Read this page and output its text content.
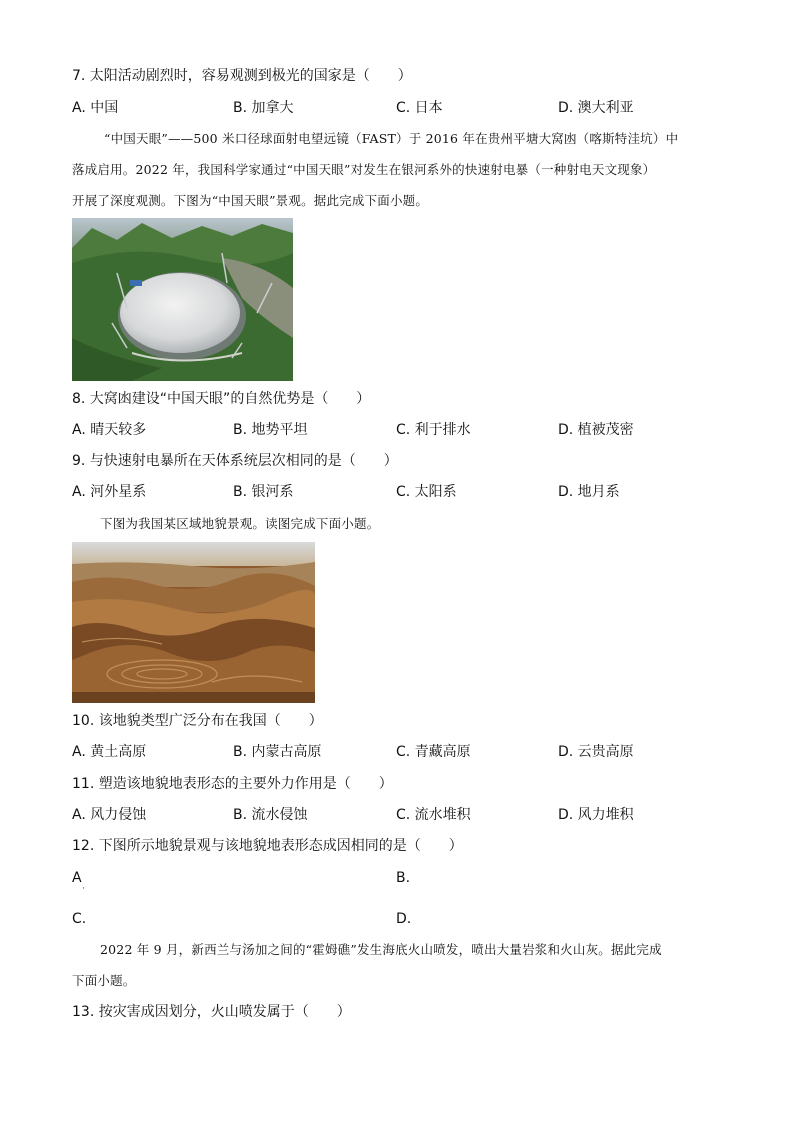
7. 太阳活动剧烈时，容易观测到极光的国家是（　　）
A. 中国	B. 加拿大	C. 日本	D. 澳大利亚
“中国天眼”——500 米口径球面射电望远镜（FAST）于 2016 年在贵州平塘大窝凼（喀斯特洼坑）中
落成启用。2022 年，我国科学家通过“中国天眼”对发生在银河系外的快速射电暴（一种射电天文现象）
开展了深度观测。下图为“中国天眼”景观。据此完成下面小题。
8. 大窝凼建设“中国天眼”的自然优势是（　　）
A. 晴天较多	B. 地势平坦	C. 利于排水	D. 植被茂密
9. 与快速射电暴所在天体系统层次相同的是（　　）
A. 河外星系	B. 银河系	C. 太阳系	D. 地月系
下图为我国某区域地貌景观。读图完成下面小题。
10. 该地貌类型广泛分布在我国（　　）
A. 黄土高原	B. 内蒙古高原	C. 青藏高原	D. 云贵高原
11. 塑造该地貌地表形态的主要外力作用是（　　）
A. 风力侵蚀	B. 流水侵蚀	C. 流水堆积	D. 风力堆积
12. 下图所示地貌景观与该地貌地表形态成因相同的是（　　）
A
·
B.
C.	D.
2022 年 9 月，新西兰与汤加之间的“霍姆礁”发生海底火山喷发，喷出大量岩浆和火山灰。据此完成
下面小题。
13. 按灾害成因划分，火山喷发属于（　　）
